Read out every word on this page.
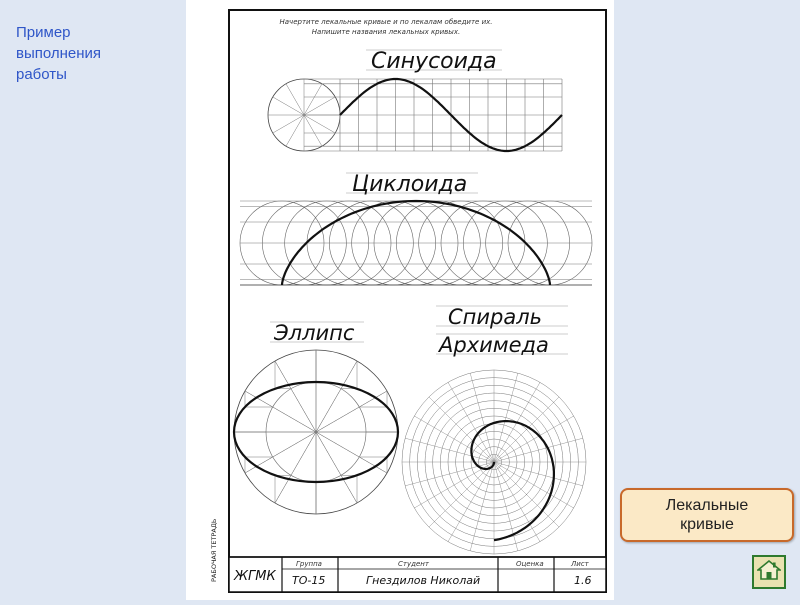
Пример
выполнения
работы
Начертите лекальные кривые и по лекалам обведите их.
Напишите названия лекальных кривых.
Синусоида
Циклоида
Эллипс
Спираль
Архимеда
РАБОЧАЯ ТЕТРАДЬ ЖГМК
Группа
ТО-15
Студент
Гнездилов Николай
Оценка	Лист
1.6
Лекальные
кривые
